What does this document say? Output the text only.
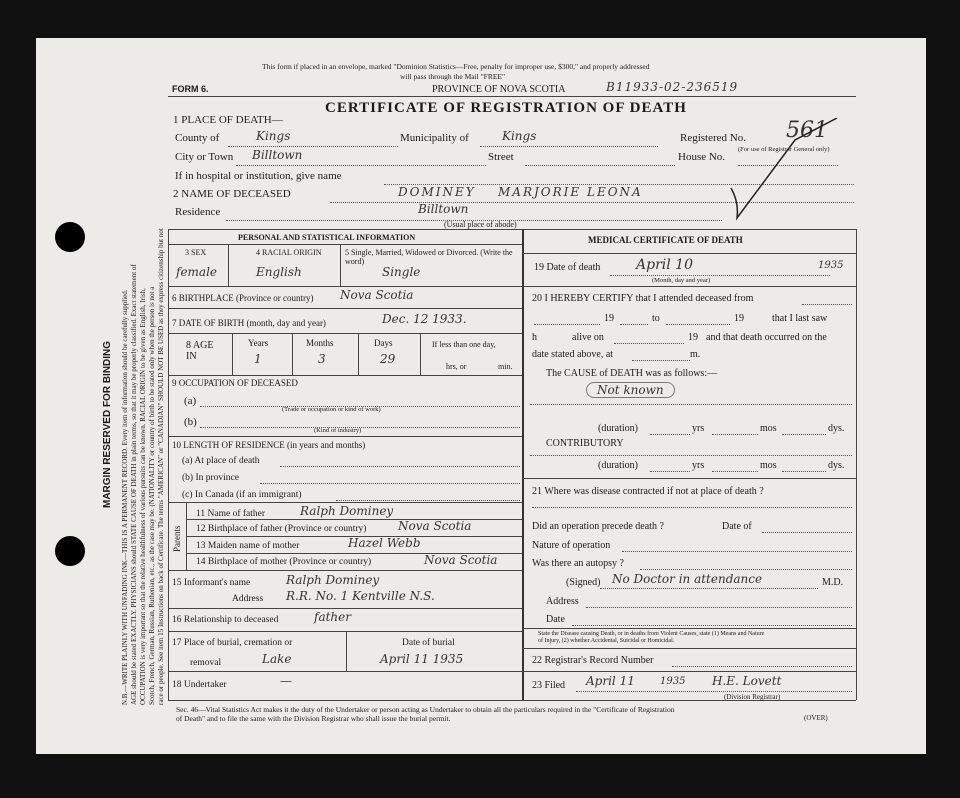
MARGIN RESERVED FOR BINDING N.B.—WRITE PLAINLY WITH UNFADING INK—THIS IS A PERMANENT RECORD. Every item of information should be carefully supplied. AGE should be stated EXACTLY. PHYSICIANS should STATE CAUSE OF DEATH in plain terms, so that it may be properly classified. Exact statement of OCCUPATION is very important so that the relative healthfulness of various pursuits can be known. RACIAL ORIGIN to be given as English, Irish, Scotch, French, German, Russian, Ruthenian, etc., as the case may be. (NATIONALITY or country of birth to be stated only when the person is not a race or people. See item 15 Instructions on back of Certificate. The terms "AMERICAN" or "CANADIAN" SHOULD NOT BE USED as they express citizenship but not
This form if placed in an envelope, marked "Dominion Statistics—Free, penalty for improper use, $300," and properly addressed
will pass through the Mail "FREE"
PROVINCE OF NOVA SCOTIA	B11933-02-236519
FORM 6.
CERTIFICATE OF REGISTRATION OF DEATH
1 PLACE OF DEATH—
County of	Kings	Municipality of	Kings	Registered No. 561
(For use of Registrar General only)
City or Town Billtown	Street	House No.
If in hospital or institution, give name
2 NAME OF DECEASED	DOMINEY MARJORIE LEONA
Residence	Billtown
(Usual place of abode)
PERSONAL AND STATISTICAL INFORMATION
3 SEX	4 RACIAL ORIGIN	5 Single, Married, Widowed or Divorced. (Write the word)
female	English	Single
6 BIRTHPLACE (Province or country) Nova Scotia
7 DATE OF BIRTH (month, day and year)	Dec. 12 1933.
8 AGE IN
Years	Months	Days
1	3	29
If less than one day,
hrs, or	min.
9 OCCUPATION OF DECEASED
(a)
(Trade or occupation or kind of work)
(b)
(Kind of industry)
10 LENGTH OF RESIDENCE (in years and months)
(a) At place of death
(b) In province
(c) In Canada (if an immigrant)
Parents
11 Name of father	Ralph Dominey
12 Birthplace of father (Province or country)	Nova Scotia
13 Maiden name of mother	Hazel Webb
14 Birthplace of mother (Province or country)	Nova Scotia
15 Informant's name	Ralph Dominey
Address R.R. No. 1 Kentville N.S.
16 Relationship to deceased	father
17 Place of burial, cremation or	Date of burial
removal	Lake	April 11 1935
18 Undertaker	—
MEDICAL CERTIFICATE OF DEATH
19 Date of death	April 10	1935
(Month, day and year)
20 I HEREBY CERTIFY that I attended deceased from
19	to	19	that I last saw
h	alive on	19 and that death occurred on the
date stated above, at	m.
The CAUSE of DEATH was as follows:—
Not known
(duration)	yrs	mos	dys.
CONTRIBUTORY
(duration)	yrs	mos	dys.
21 Where was disease contracted if not at place of death ?
Did an operation precede death ?	Date of
Nature of operation
Was there an autopsy ?
(Signed) No Doctor in attendance	M.D.
Address
Date
State the Disease causing Death, or in deaths from Violent Causes, state (1) Means and Nature
of Injury, (2) whether Accidental, Suicidal or Homicidal.
22 Registrar's Record Number
23 Filed April 11	1935 H.E. Lovett
(Division Registrar)
Sec. 46—Vital Statistics Act makes it the duty of the Undertaker or person acting as Undertaker to obtain all the particulars required in the "Certificate of Registration
of Death" and to file the same with the Division Registrar who shall issue the burial permit.	(OVER)
